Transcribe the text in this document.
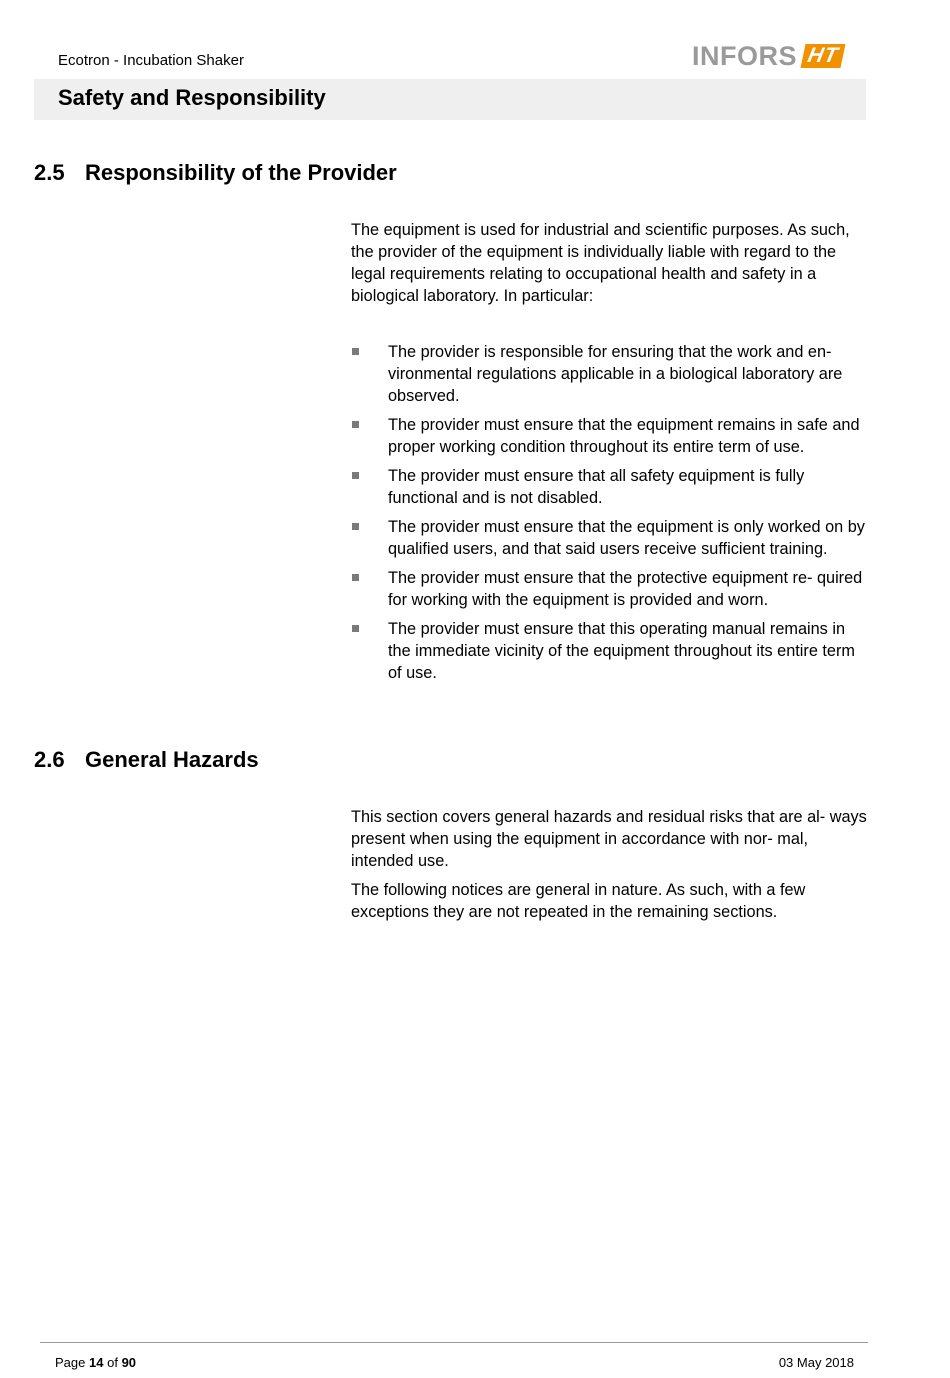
Ecotron - Incubation Shaker	INFORS HT
Safety and Responsibility
2.5 Responsibility of the Provider

The equipment is used for industrial and scientific purposes. As such, the provider of the equipment is individually liable with regard to the legal requirements relating to occupational health and safety in a biological laboratory. In particular:

The provider is responsible for ensuring that the work and en- vironmental regulations applicable in a biological laboratory are observed.
The provider must ensure that the equipment remains in safe and proper working condition throughout its entire term of use.
The provider must ensure that all safety equipment is fully functional and is not disabled.
The provider must ensure that the equipment is only worked on by qualified users, and that said users receive sufficient training.
The provider must ensure that the protective equipment re- quired for working with the equipment is provided and worn.
The provider must ensure that this operating manual remains in the immediate vicinity of the equipment throughout its entire term of use.
2.6 General Hazards

This section covers general hazards and residual risks that are al- ways present when using the equipment in accordance with nor- mal, intended use.

The following notices are general in nature. As such, with a few exceptions they are not repeated in the remaining sections.

Page 14 of 90	03 May 2018
